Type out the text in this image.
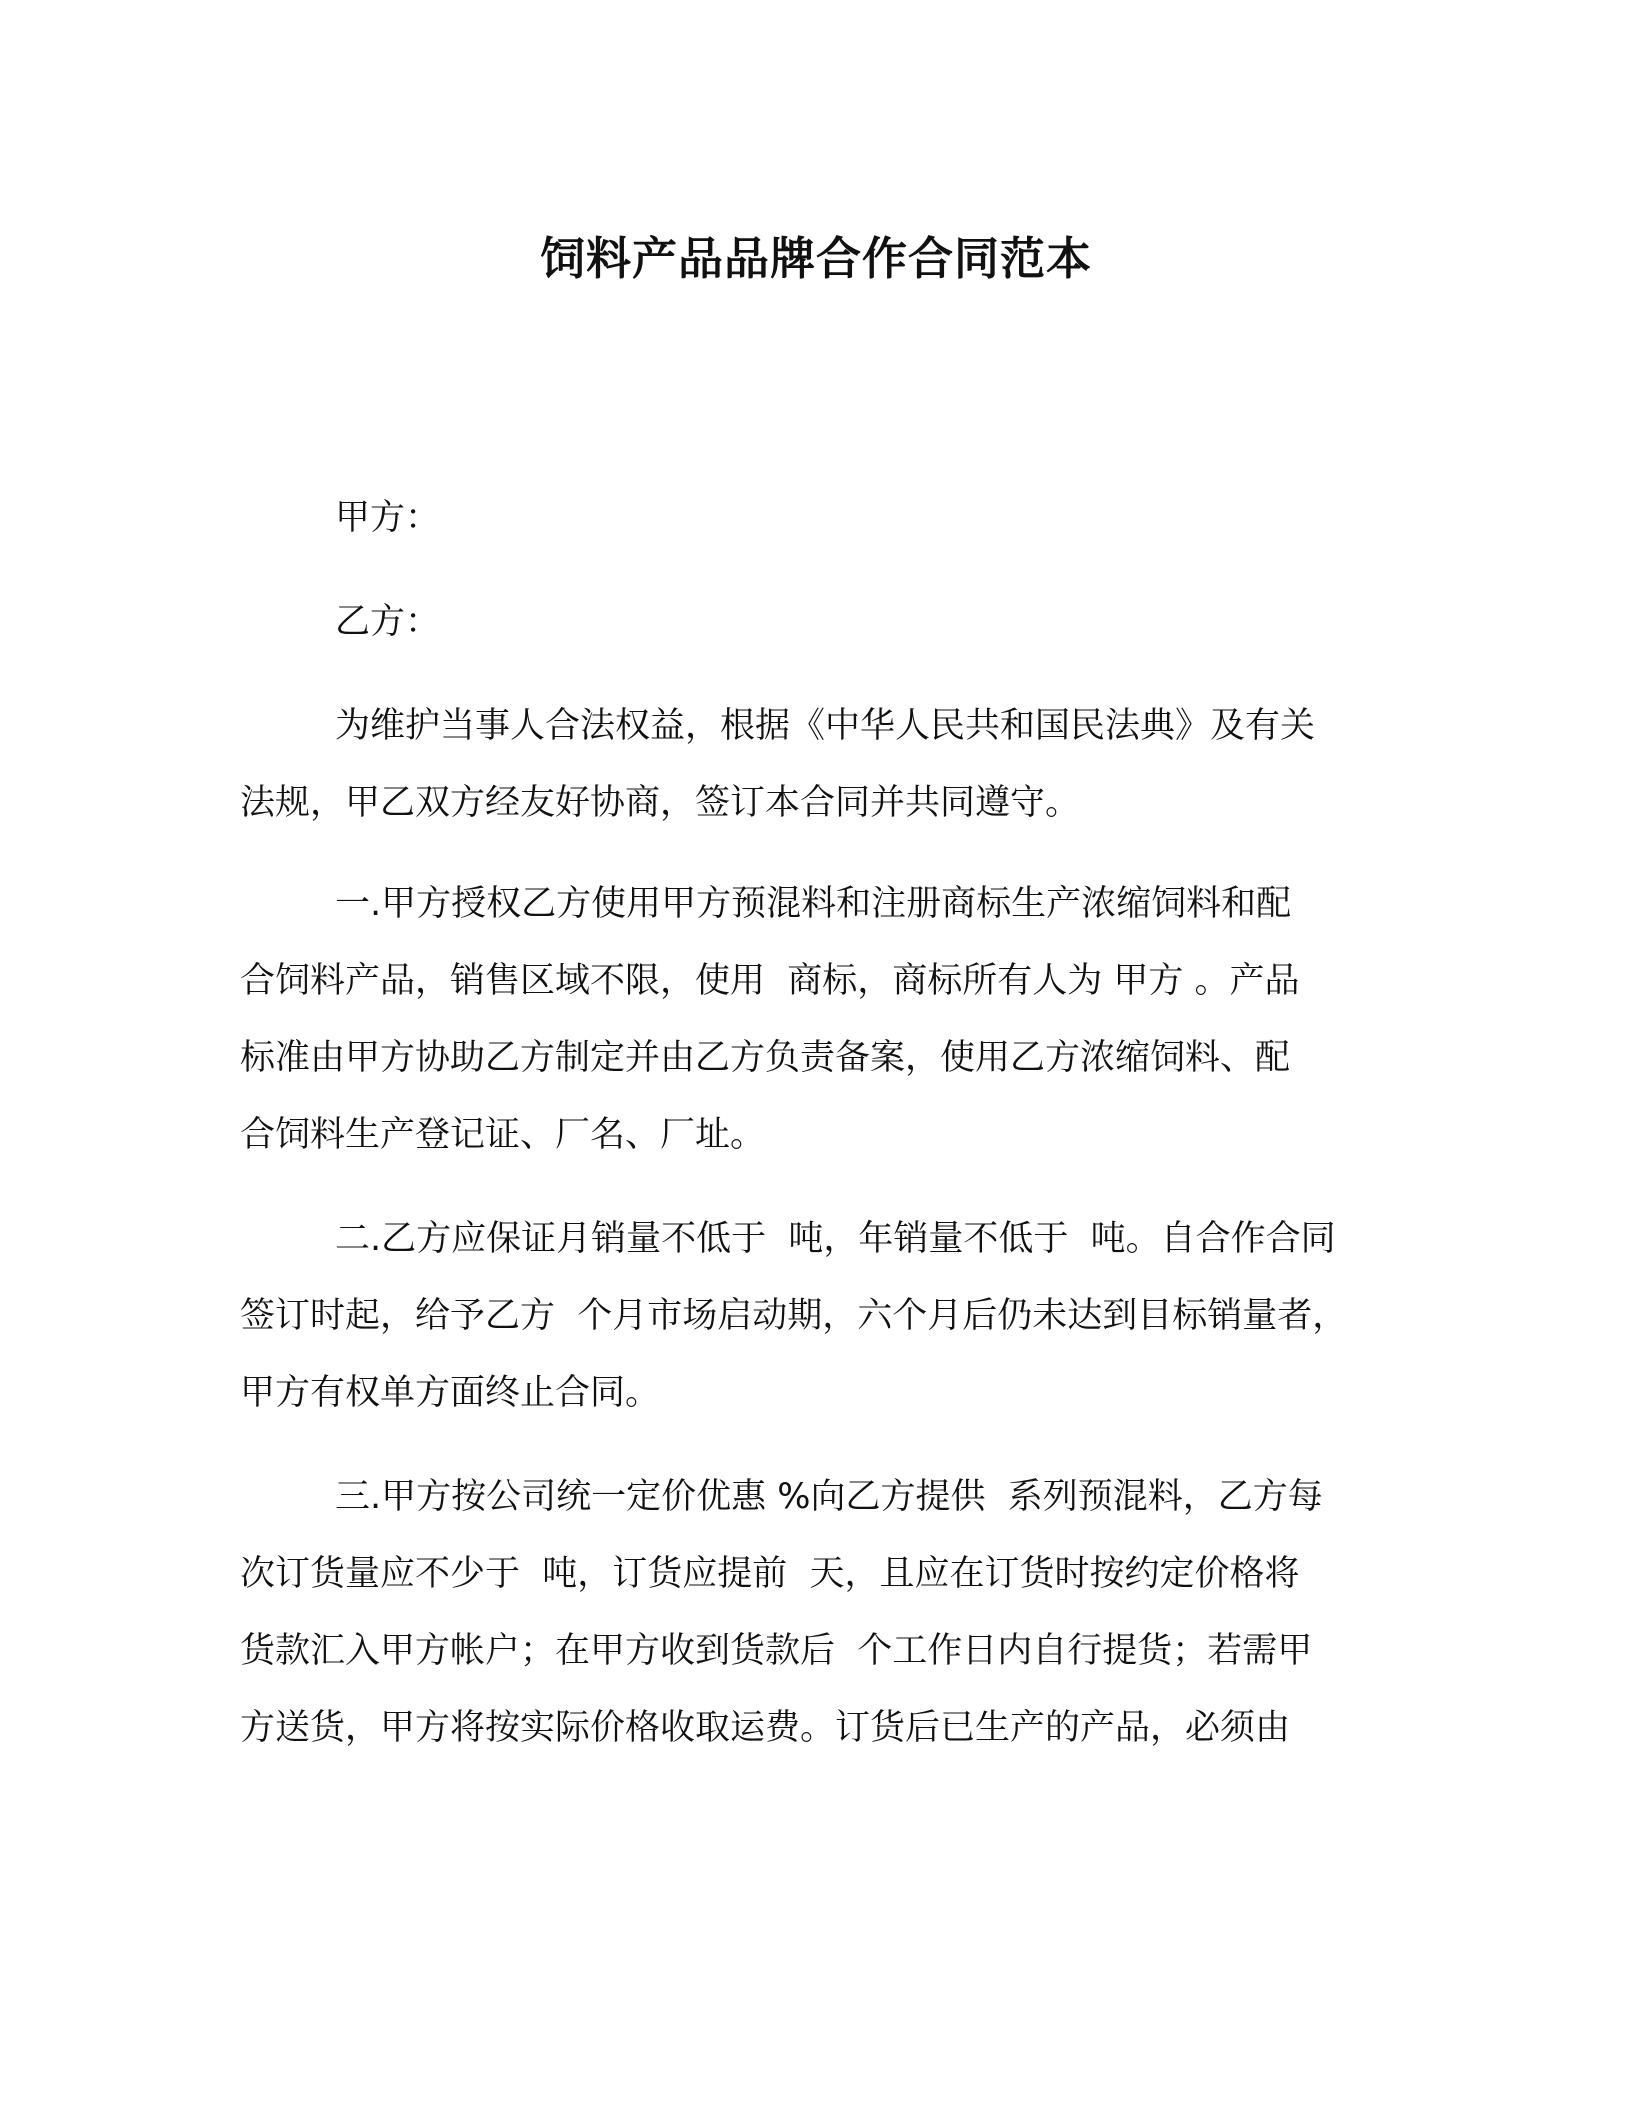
饲料产品品牌合作合同范本

甲方：

乙方：

为维护当事人合法权益，根据《中华人民共和国民法典》及有关

法规，甲乙双方经友好协商，签订本合同并共同遵守。

一.甲方授权乙方使用甲方预混料和注册商标生产浓缩饲料和配

合饲料产品，销售区域不限，使用  商标，商标所有人为 甲方 。产品

标准由甲方协助乙方制定并由乙方负责备案，使用乙方浓缩饲料、配

合饲料生产登记证、厂名、厂址。

二.乙方应保证月销量不低于  吨，年销量不低于  吨。自合作合同

签订时起，给予乙方  个月市场启动期，六个月后仍未达到目标销量者，

甲方有权单方面终止合同。

三.甲方按公司统一定价优惠 %向乙方提供  系列预混料，乙方每

次订货量应不少于  吨，订货应提前  天，且应在订货时按约定价格将

货款汇入甲方帐户；在甲方收到货款后  个工作日内自行提货；若需甲

方送货，甲方将按实际价格收取运费。订货后已生产的产品，必须由
